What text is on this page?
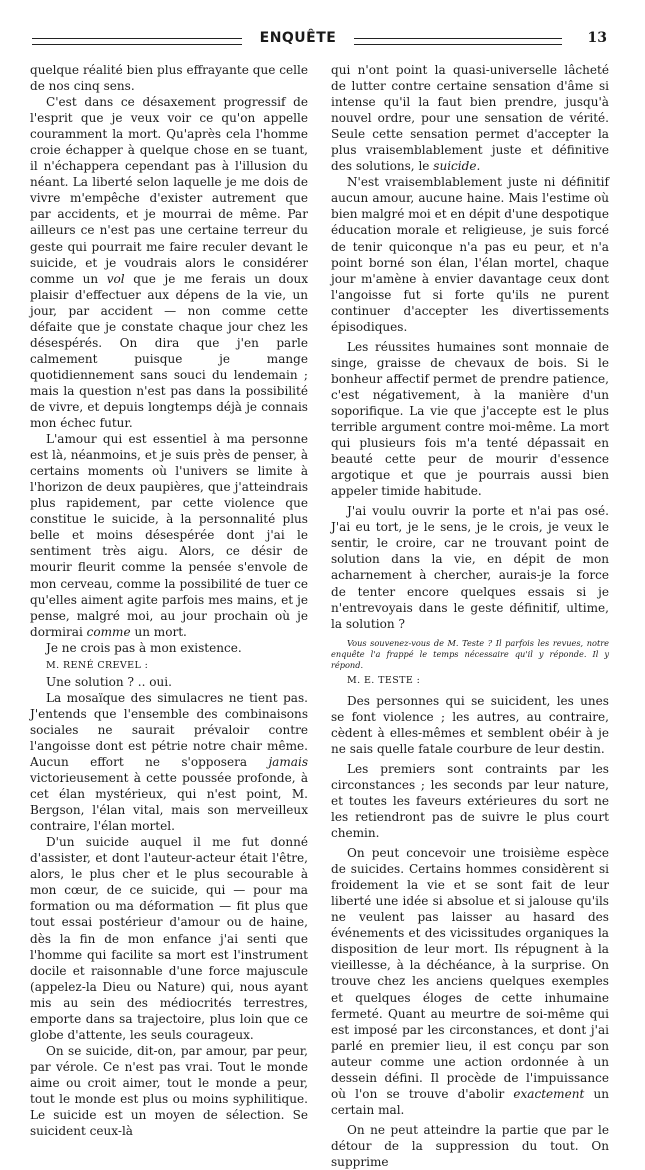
ENQUÊTE	13

quelque réalité bien plus effrayante que celle de nos cinq sens.

C'est dans ce désaxement progressif de l'esprit que je veux voir ce qu'on appelle couramment la mort. Qu'après cela l'homme croie échapper à quelque chose en se tuant, il n'échappera cependant pas à l'illusion du néant. La liberté selon laquelle je me dois de vivre m'empêche d'exister autrement que par accidents, et je mourrai de même. Par ailleurs ce n'est pas une certaine terreur du geste qui pourrait me faire reculer devant le suicide, et je voudrais alors le considérer comme un vol que je me ferais un doux plaisir d'effectuer aux dépens de la vie, un jour, par accident — non comme cette défaite que je constate chaque jour chez les désespérés. On dira que j'en parle calmement puisque je mange quotidiennement sans souci du lendemain ; mais la question n'est pas dans la possibilité de vivre, et depuis longtemps déjà je connais mon échec futur.

L'amour qui est essentiel à ma personne est là, néanmoins, et je suis près de penser, à certains moments où l'univers se limite à l'horizon de deux paupières, que j'atteindrais plus rapidement, par cette violence que constitue le suicide, à la personnalité plus belle et moins désespérée dont j'ai le sentiment très aigu. Alors, ce désir de mourir fleurit comme la pensée s'envole de mon cerveau, comme la possibilité de tuer ce qu'elles aiment agite parfois mes mains, et je pense, malgré moi, au jour prochain où je dormirai comme un mort.

Je ne crois pas à mon existence.

M. RENÉ CREVEL :

Une solution ? .. oui.

La mosaïque des simulacres ne tient pas. J'entends que l'ensemble des combinaisons sociales ne saurait prévaloir contre l'angoisse dont est pétrie notre chair même. Aucun effort ne s'opposera jamais victorieusement à cette poussée profonde, à cet élan mystérieux, qui n'est point, M. Bergson, l'élan vital, mais son merveilleux contraire, l'élan mortel.

D'un suicide auquel il me fut donné d'assister, et dont l'auteur-acteur était l'être, alors, le plus cher et le plus secourable à mon cœur, de ce suicide, qui — pour ma formation ou ma déformation — fit plus que tout essai postérieur d'amour ou de haine, dès la fin de mon enfance j'ai senti que l'homme qui facilite sa mort est l'instrument docile et raisonnable d'une force majuscule (appelez-la Dieu ou Nature) qui, nous ayant mis au sein des médiocrités terrestres, emporte dans sa trajectoire, plus loin que ce globe d'attente, les seuls courageux.

On se suicide, dit-on, par amour, par peur, par vérole. Ce n'est pas vrai. Tout le monde aime ou croit aimer, tout le monde a peur, tout le monde est plus ou moins syphilitique. Le suicide est un moyen de sélection. Se suicident ceux-là

qui n'ont point la quasi-universelle lâcheté de lutter contre certaine sensation d'âme si intense qu'il la faut bien prendre, jusqu'à nouvel ordre, pour une sensation de vérité. Seule cette sensation permet d'accepter la plus vraisemblablement juste et définitive des solutions, le suicide.

N'est vraisemblablement juste ni définitif aucun amour, aucune haine. Mais l'estime où bien malgré moi et en dépit d'une despotique éducation morale et religieuse, je suis forcé de tenir quiconque n'a pas eu peur, et n'a point borné son élan, l'élan mortel, chaque jour m'amène à envier davantage ceux dont l'angoisse fut si forte qu'ils ne purent continuer d'accepter les divertissements épisodiques.

Les réussites humaines sont monnaie de singe, graisse de chevaux de bois. Si le bonheur affectif permet de prendre patience, c'est négativement, à la manière d'un soporifique. La vie que j'accepte est le plus terrible argument contre moi-même. La mort qui plusieurs fois m'a tenté dépassait en beauté cette peur de mourir d'essence argotique et que je pourrais aussi bien appeler timide habitude.

J'ai voulu ouvrir la porte et n'ai pas osé. J'ai eu tort, je le sens, je le crois, je veux le sentir, le croire, car ne trouvant point de solution dans la vie, en dépit de mon acharnement à chercher, aurais-je la force de tenter encore quelques essais si je n'entrevoyais dans le geste définitif, ultime, la solution ?

Vous souvenez-vous de M. Teste ? Il parfois les revues, notre enquête l'a frappé le temps nécessaire qu'il y réponde. Il y répond.

M. E. TESTE :

Des personnes qui se suicident, les unes se font violence ; les autres, au contraire, cèdent à elles-mêmes et semblent obéir à je ne sais quelle fatale courbure de leur destin.

Les premiers sont contraints par les circonstances ; les seconds par leur nature, et toutes les faveurs extérieures du sort ne les retiendront pas de suivre le plus court chemin.

On peut concevoir une troisième espèce de suicides. Certains hommes considèrent si froidement la vie et se sont fait de leur liberté une idée si absolue et si jalouse qu'ils ne veulent pas laisser au hasard des événements et des vicissitudes organiques la disposition de leur mort. Ils répugnent à la vieillesse, à la déchéance, à la surprise. On trouve chez les anciens quelques exemples et quelques éloges de cette inhumaine fermeté. Quant au meurtre de soi-même qui est imposé par les circonstances, et dont j'ai parlé en premier lieu, il est conçu par son auteur comme une action ordonnée à un dessein défini. Il procède de l'impuissance où l'on se trouve d'abolir exactement un certain mal.

On ne peut atteindre la partie que par le détour de la suppression du tout. On supprime
